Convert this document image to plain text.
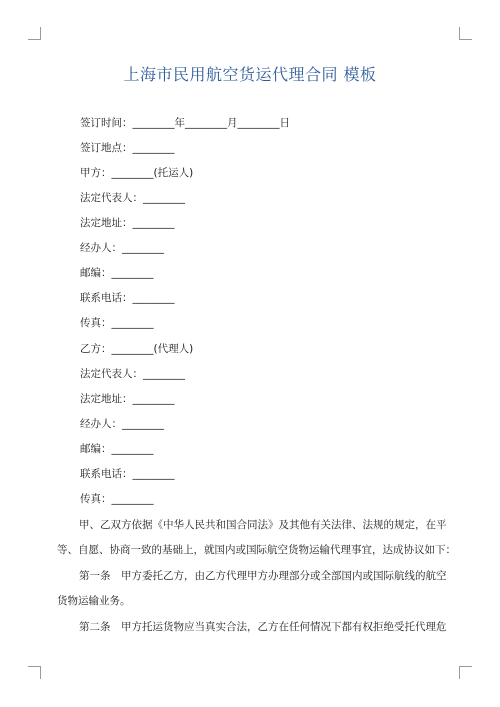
上海市民用航空货运代理合同 模板
签订时间：________年________月________日
签订地点：________
甲方：________(托运人)
法定代表人：________
法定地址：________
经办人：________
邮编：________
联系电话：________
传真：________
乙方：________(代理人)
法定代表人：________
法定地址：________
经办人：________
邮编：________
联系电话：________
传真：________
甲、乙双方依据《中华人民共和国合同法》及其他有关法律、法规的规定，在平
等、自愿、协商一致的基础上，就国内或国际航空货物运输代理事宜，达成协议如下：
第一条　甲方委托乙方，由乙方代理甲方办理部分或全部国内或国际航线的航空
货物运输业务。
第二条　甲方托运货物应当真实合法，乙方在任何情况下都有权拒绝受托代理危
